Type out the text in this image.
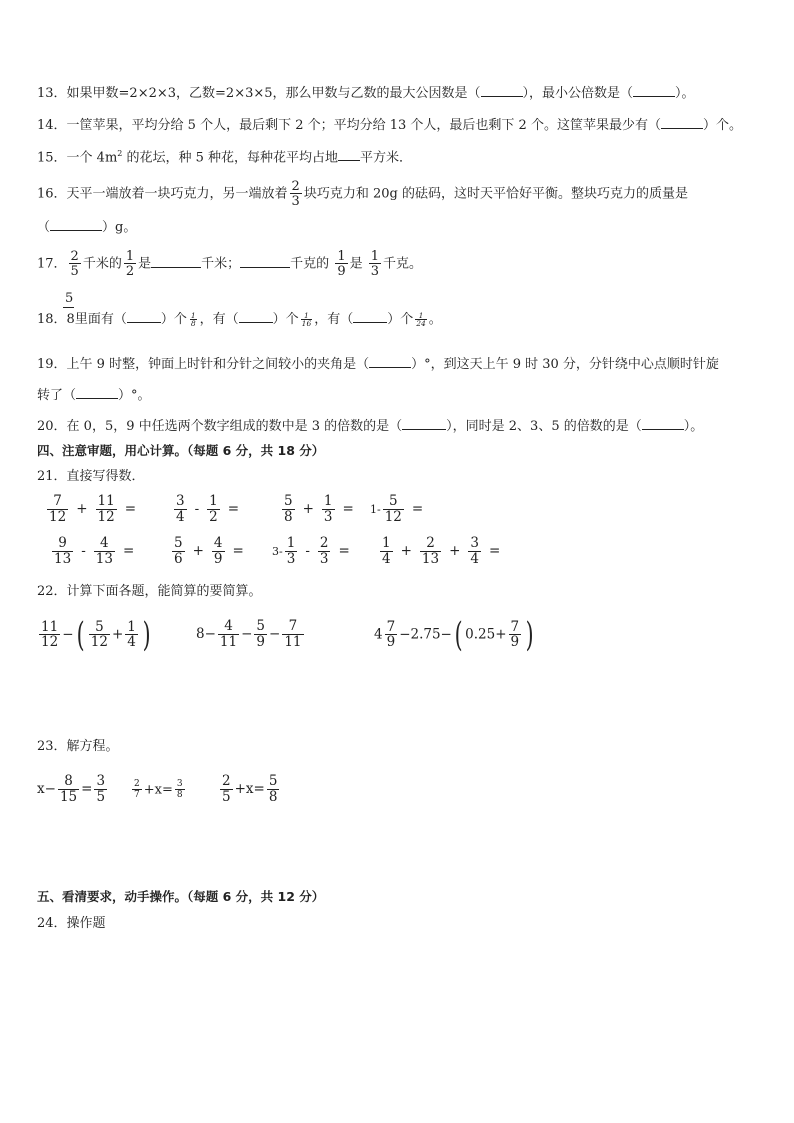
13．如果甲数=2×2×3，乙数=2×3×5，那么甲数与乙数的最大公因数是（	），最小公倍数是（	）。
14．一筐苹果，平均分给 5 个人，最后剩下 2 个；平均分给 13 个人，最后也剩下 2 个。这筐苹果最少有（	）个。
15．一个 $4m^2$ 的花坛，种 5 种花，每种花平均占地 平方米．
16．天平一端放着一块巧克力，另一端放着 $\frac{2}{3}$ 块巧克力和 20g 的砝码，这时天平恰好平衡。整块巧克力的质量是
（	）g。
17． $\frac{2}{5}$ 千米的 $\frac{1}{2}$ 是	千米；	千克的 $\frac{1}{9}$ 是 $\frac{1}{3}$ 千克。
5
18．8里面有（	）个 $\frac{1}{8}$ ，有（	）个 $\frac{1}{16}$ ，有（	）个 $\frac{1}{24}$ 。
19．上午 9 时整，钟面上时针和分针之间较小的夹角是（	）°，到这天上午 9 时 30 分，分针绕中心点顺时针旋
转了（	）°。
20．在 0，5，9 中任选两个数字组成的数中是 3 的倍数的是（	），同时是 2、3、5 的倍数的是（	）。
四、注意审题，用心计算。（每题 6 分，共 18 分）
21．直接写得数．
$\frac{7}{12} + \frac{11}{12}$ =	$\frac{3}{4} - \frac{1}{2}$ =	$\frac{5}{8} + \frac{1}{3}$ =	$1- \frac{5}{12}$ =
$\frac{9}{13} - \frac{4}{13}$ =	$\frac{5}{6} + \frac{4}{9}$ =	$3- \frac{1}{3} - \frac{2}{3}$ =	$\frac{1}{4} + \frac{2}{13} + \frac{3}{4}$ =
22．计算下面各题，能简算的要简算。
$\frac{11}{12}$ −( $\frac{5}{12} + \frac{1}{4}$ )	$8- \frac{4}{11} - \frac{5}{9} - \frac{7}{11}$	$4 \frac{7}{9} -2.75-$( $0.25+ \frac{7}{9}$ )
23．解方程。
$x- \frac{8}{15} = \frac{3}{5}$	$\frac{2}{7} +x= \frac{3}{8}$	$\frac{2}{5} +x= \frac{5}{8}$
五、看清要求，动手操作。（每题 6 分，共 12 分）
24．操作题
